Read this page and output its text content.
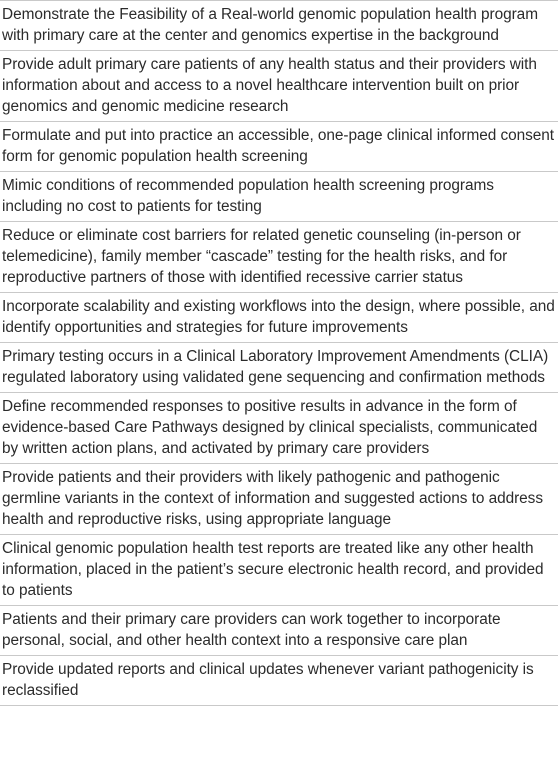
Demonstrate the Feasibility of a Real-world genomic population health program with primary care at the center and genomics expertise in the background
Provide adult primary care patients of any health status and their providers with information about and access to a novel healthcare intervention built on prior genomics and genomic medicine research
Formulate and put into practice an accessible, one-page clinical informed consent form for genomic population health screening
Mimic conditions of recommended population health screening programs including no cost to patients for testing
Reduce or eliminate cost barriers for related genetic counseling (in-person or telemedicine), family member “cascade” testing for the health risks, and for reproductive partners of those with identified recessive carrier status
Incorporate scalability and existing workflows into the design, where possible, and identify opportunities and strategies for future improvements
Primary testing occurs in a Clinical Laboratory Improvement Amendments (CLIA) regulated laboratory using validated gene sequencing and confirmation methods
Define recommended responses to positive results in advance in the form of evidence-based Care Pathways designed by clinical specialists, communicated by written action plans, and activated by primary care providers
Provide patients and their providers with likely pathogenic and pathogenic germline variants in the context of information and suggested actions to address health and reproductive risks, using appropriate language
Clinical genomic population health test reports are treated like any other health information, placed in the patient’s secure electronic health record, and provided to patients
Patients and their primary care providers can work together to incorporate personal, social, and other health context into a responsive care plan
Provide updated reports and clinical updates whenever variant pathogenicity is reclassified
